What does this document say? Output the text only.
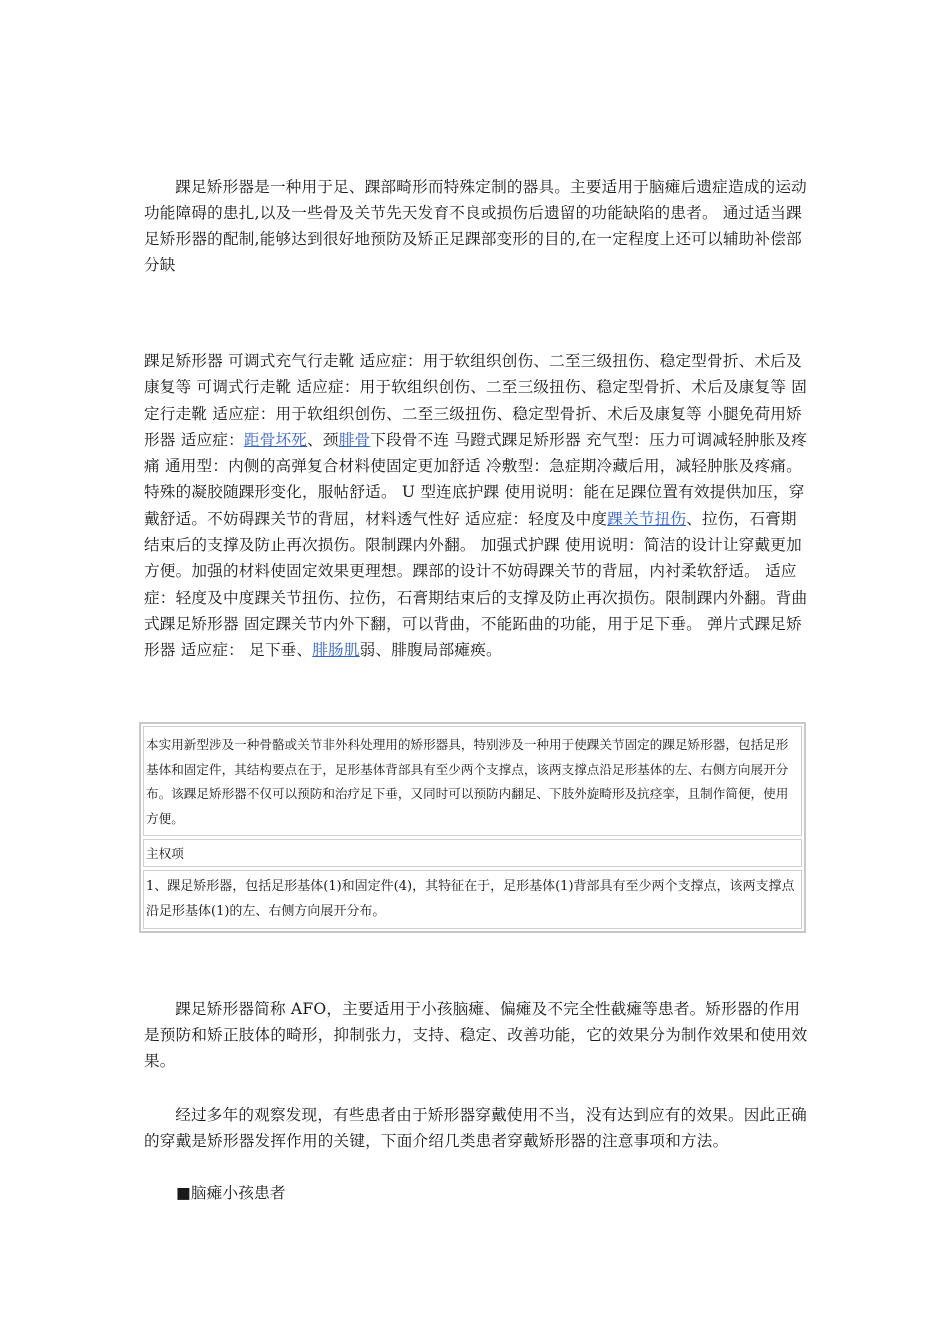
踝足矫形器是一种用于足、踝部畸形而特殊定制的器具。主要适用于脑瘫后遗症造成的运动功能障碍的患扎,以及一些骨及关节先天发育不良或损伤后遗留的功能缺陷的患者。 通过适当踝足矫形器的配制,能够达到很好地预防及矫正足踝部变形的目的,在一定程度上还可以辅助补偿部分缺

踝足矫形器 可调式充气行走靴 适应症：用于软组织创伤、二至三级扭伤、稳定型骨折、术后及康复等 可调式行走靴 适应症：用于软组织创伤、二至三级扭伤、稳定型骨折、术后及康复等 固定行走靴 适应症：用于软组织创伤、二至三级扭伤、稳定型骨折、术后及康复等 小腿免荷用矫形器 适应症：距骨坏死、颈腓骨下段骨不连 马蹬式踝足矫形器 充气型：压力可调减轻肿胀及疼痛 通用型：内侧的高弹复合材料使固定更加舒适 冷敷型：急症期冷藏后用，减轻肿胀及疼痛。特殊的凝胶随踝形变化，服帖舒适。 U 型连底护踝 使用说明：能在足踝位置有效提供加压，穿戴舒适。不妨碍踝关节的背屈，材料透气性好 适应症：轻度及中度踝关节扭伤、拉伤，石膏期结束后的支撑及防止再次损伤。限制踝内外翻。 加强式护踝 使用说明：简洁的设计让穿戴更加方便。加强的材料使固定效果更理想。踝部的设计不妨碍踝关节的背屈，内衬柔软舒适。 适应症：轻度及中度踝关节扭伤、拉伤，石膏期结束后的支撑及防止再次损伤。限制踝内外翻。背曲式踝足矫形器 固定踝关节内外下翻，可以背曲，不能跖曲的功能，用于足下垂。 弹片式踝足矫形器 适应症： 足下垂、腓肠肌弱、腓腹局部瘫痪。

本实用新型涉及一种骨骼或关节非外科处理用的矫形器具，特别涉及一种用于使踝关节固定的踝足矫形器，包括足形基体和固定件，其结构要点在于，足形基体背部具有至少两个支撑点，该两支撑点沿足形基体的左、右侧方向展开分布。该踝足矫形器不仅可以预防和治疗足下垂，又同时可以预防内翻足、下肢外旋畸形及抗痉挛，且制作简便，使用方便。
主权项
1、踝足矫形器，包括足形基体(1)和固定件(4)，其特征在于，足形基体(1)背部具有至少两个支撑点，该两支撑点沿足形基体(1)的左、右侧方向展开分布。

踝足矫形器简称 AFO，主要适用于小孩脑瘫、偏瘫及不完全性截瘫等患者。矫形器的作用是预防和矫正肢体的畸形，抑制张力，支持、稳定、改善功能，它的效果分为制作效果和使用效果。

经过多年的观察发现，有些患者由于矫形器穿戴使用不当，没有达到应有的效果。因此正确的穿戴是矫形器发挥作用的关键，下面介绍几类患者穿戴矫形器的注意事项和方法。

■脑瘫小孩患者
